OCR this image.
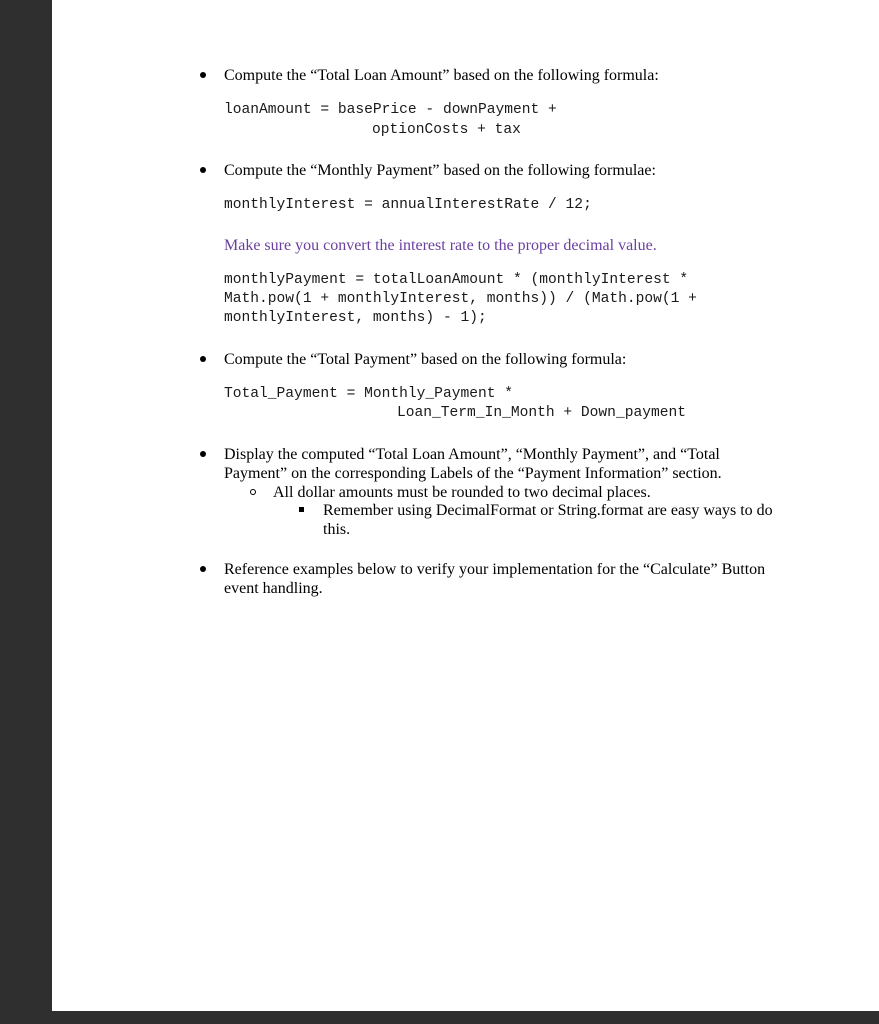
Compute the “Total Loan Amount” based on the following formula:
loanAmount = basePrice - downPayment +
optionCosts + tax
Compute the “Monthly Payment” based on the following formulae:
monthlyInterest = annualInterestRate / 12;
Make sure you convert the interest rate to the proper decimal value.
monthlyPayment = totalLoanAmount * (monthlyInterest *
Math.pow(1 + monthlyInterest, months)) / (Math.pow(1 +
monthlyInterest, months) - 1);
Compute the “Total Payment” based on the following formula:
Total_Payment = Monthly_Payment *
Loan_Term_In_Month + Down_payment
Display the computed “Total Loan Amount”, “Monthly Payment”, and “Total
Payment” on the corresponding Labels of the “Payment Information” section.
All dollar amounts must be rounded to two decimal places.
Remember using DecimalFormat or String.format are easy ways to do
this.
Reference examples below to verify your implementation for the “Calculate” Button
event handling.
